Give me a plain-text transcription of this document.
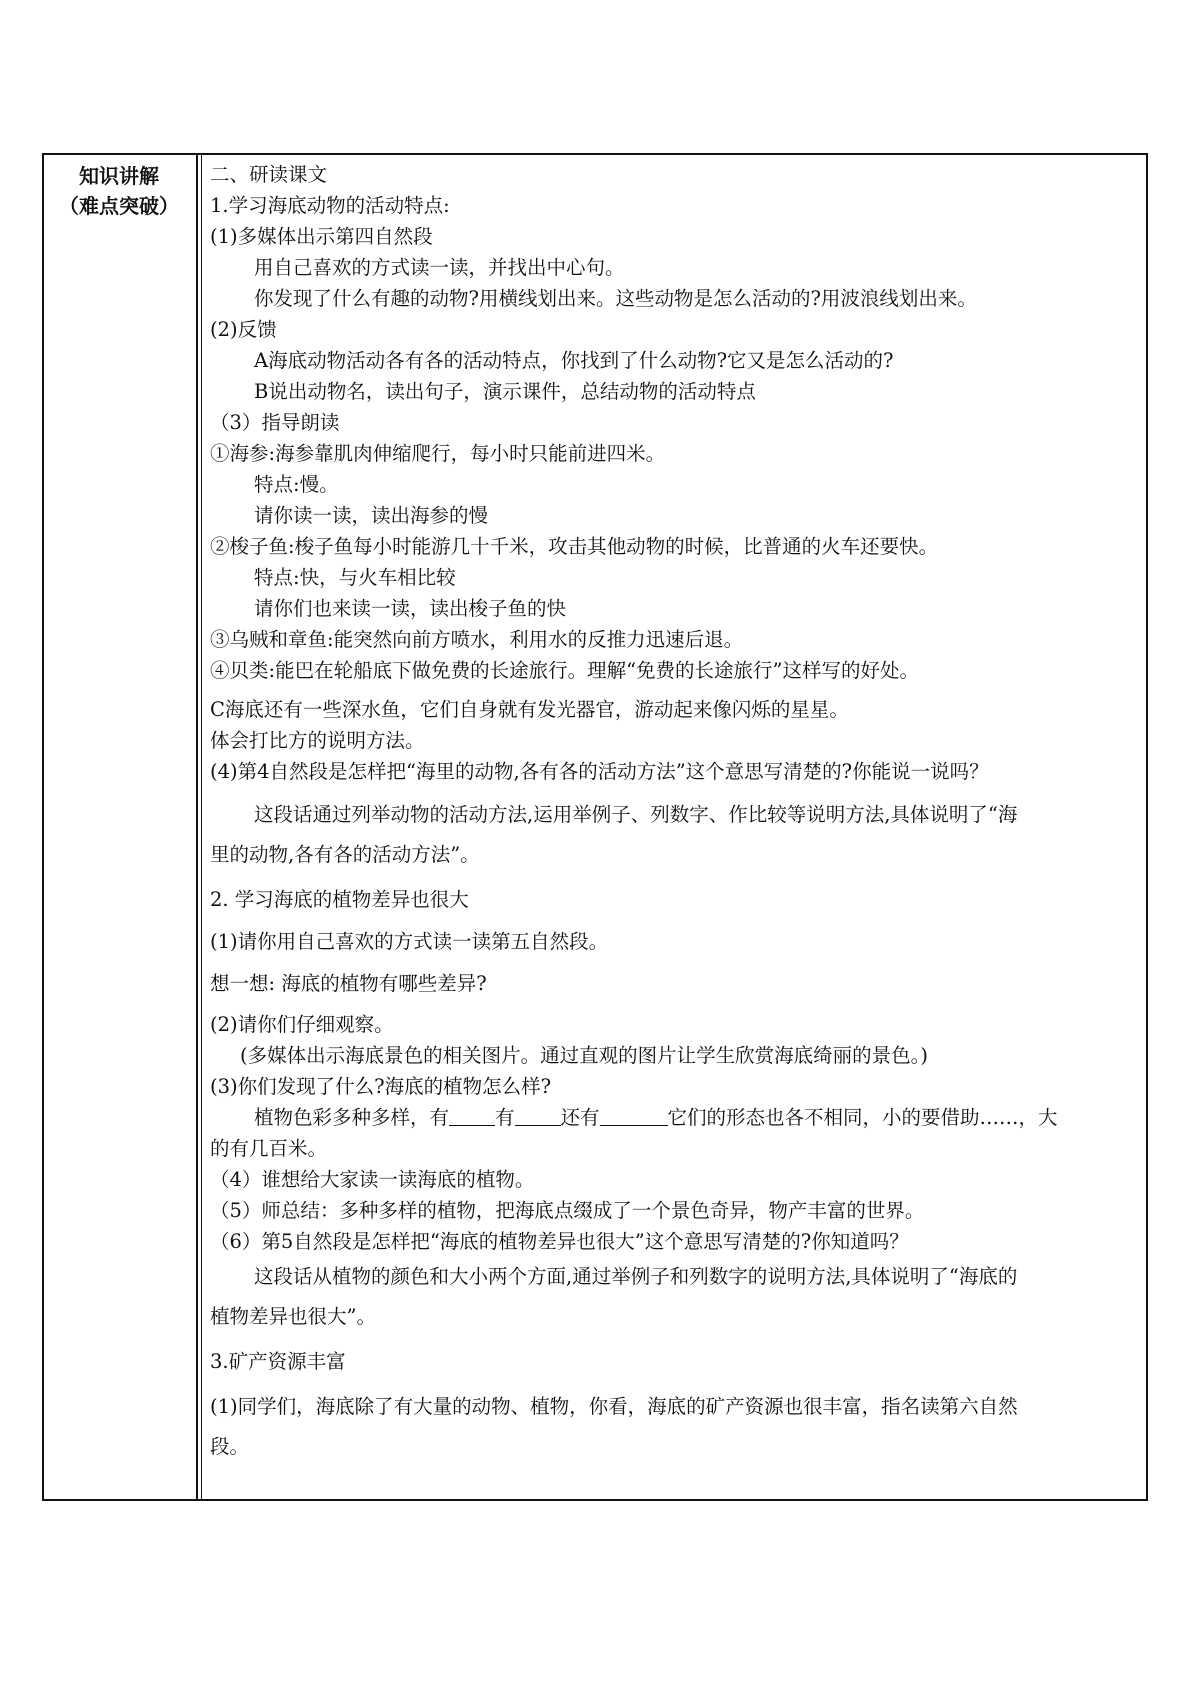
知识讲解
（难点突破）
二、研读课文
1.学习海底动物的活动特点:
(1)多媒体出示第四自然段
用自己喜欢的方式读一读，并找出中心句。
你发现了什么有趣的动物?用横线划出来。这些动物是怎么活动的?用波浪线划出来。
(2)反馈
A海底动物活动各有各的活动特点，你找到了什么动物?它又是怎么活动的?
B说出动物名，读出句子，演示课件，总结动物的活动特点
（3）指导朗读
①海参:海参靠肌肉伸缩爬行，每小时只能前进四米。
特点:慢。
请你读一读，读出海参的慢
②梭子鱼:梭子鱼每小时能游几十千米，攻击其他动物的时候，比普通的火车还要快。
特点:快，与火车相比较
请你们也来读一读，读出梭子鱼的快
③乌贼和章鱼:能突然向前方喷水，利用水的反推力迅速后退。
④贝类:能巴在轮船底下做免费的长途旅行。理解“免费的长途旅行”这样写的好处。
C海底还有一些深水鱼，它们自身就有发光器官，游动起来像闪烁的星星。
体会打比方的说明方法。
(4)第4自然段是怎样把“海里的动物,各有各的活动方法”这个意思写清楚的?你能说一说吗？
这段话通过列举动物的活动方法,运用举例子、列数字、作比较等说明方法,具体说明了“海
里的动物,各有各的活动方法”。
2. 学习海底的植物差异也很大
(1)请你用自己喜欢的方式读一读第五自然段。
想一想: 海底的植物有哪些差异?
(2)请你们仔细观察。
(多媒体出示海底景色的相关图片。通过直观的图片让学生欣赏海底绮丽的景色。)
(3)你们发现了什么?海底的植物怎么样?
植物色彩多种多样，有 有 还有	它们的形态也各不相同，小的要借助……，大
的有几百米。
（4）谁想给大家读一读海底的植物。
（5）师总结：多种多样的植物，把海底点缀成了一个景色奇异，物产丰富的世界。
（6）第5自然段是怎样把“海底的植物差异也很大”这个意思写清楚的?你知道吗？
这段话从植物的颜色和大小两个方面,通过举例子和列数字的说明方法,具体说明了“海底的
植物差异也很大”。
3.矿产资源丰富
(1)同学们，海底除了有大量的动物、植物，你看，海底的矿产资源也很丰富，指名读第六自然
段。
